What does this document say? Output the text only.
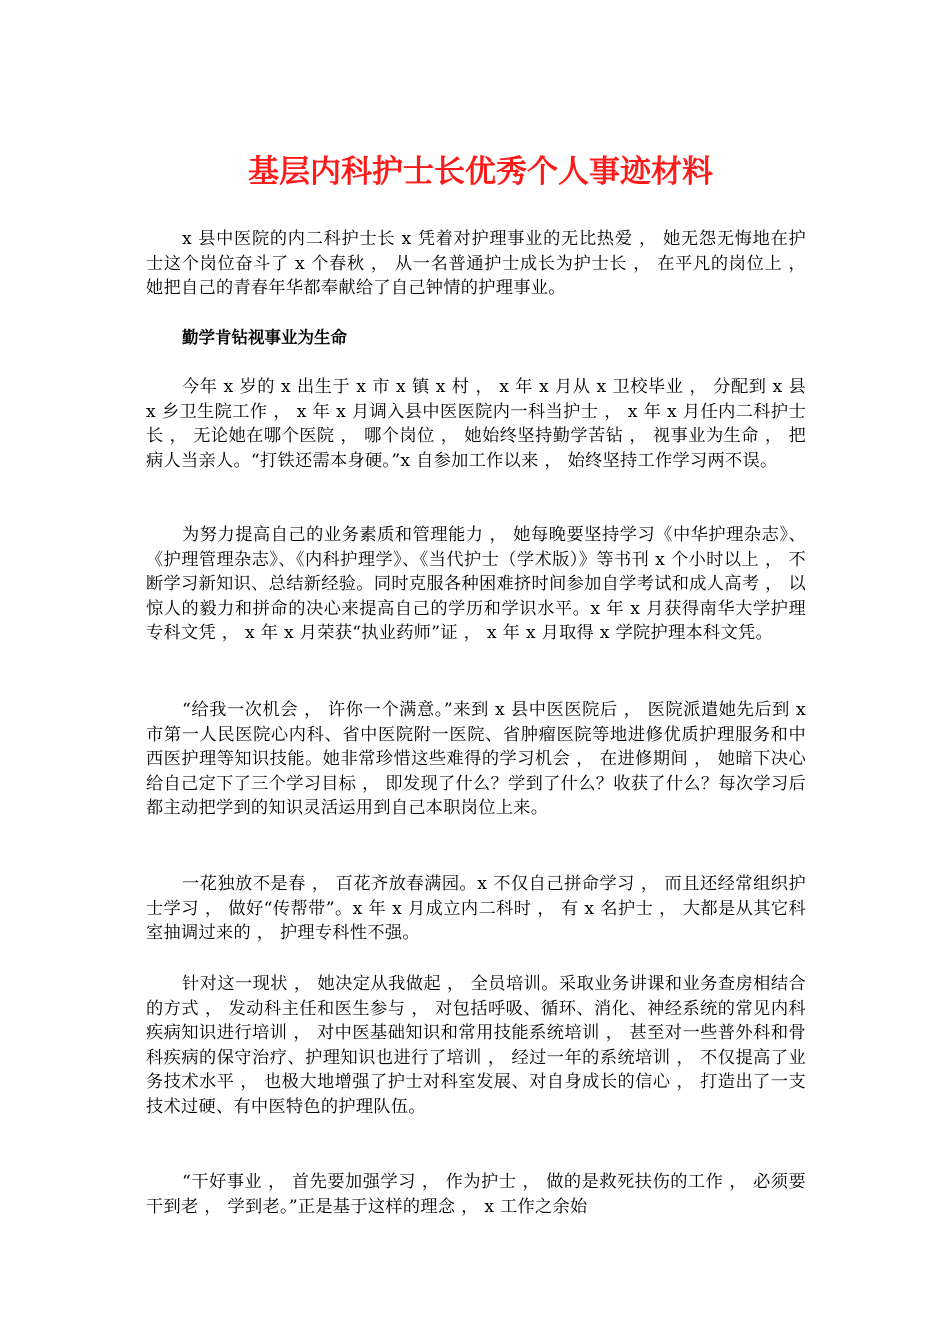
基层内科护士长优秀个人事迹材料

x 县中医院的内二科护士长 x 凭着对护理事业的无比热爱 ， 她无怨无悔地在护士这个岗位奋斗了 x 个春秋 ， 从一名普通护士成长为护士长 ， 在平凡的岗位上 ， 她把自己的青春年华都奉献给了自己钟情的护理事业。

勤学肯钻视事业为生命

今年 x 岁的 x 出生于 x 市 x 镇 x 村 ， x 年 x 月从 x 卫校毕业 ， 分配到 x 县 x 乡卫生院工作 ， x 年 x 月调入县中医医院内一科当护士 ， x 年 x 月任内二科护士长 ， 无论她在哪个医院 ， 哪个岗位 ， 她始终坚持勤学苦钻 ， 视事业为生命 ， 把病人当亲人。“打铁还需本身硬。”x 自参加工作以来 ， 始终坚持工作学习两不误。

为努力提高自己的业务素质和管理能力 ， 她每晚要坚持学习《中华护理杂志》、《护理管理杂志》、《内科护理学》、《当代护士（学术版）》等书刊 x 个小时以上 ， 不断学习新知识、总结新经验。同时克服各种困难挤时间参加自学考试和成人高考 ， 以惊人的毅力和拼命的决心来提高自己的学历和学识水平。x 年 x 月获得南华大学护理专科文凭 ， x 年 x 月荣获“执业药师”证 ， x 年 x 月取得 x 学院护理本科文凭。

“给我一次机会 ， 许你一个满意。”来到 x 县中医医院后 ， 医院派遣她先后到 x 市第一人民医院心内科、省中医院附一医院、省肿瘤医院等地进修优质护理服务和中西医护理等知识技能。她非常珍惜这些难得的学习机会 ， 在进修期间 ， 她暗下决心给自己定下了三个学习目标 ， 即发现了什么？学到了什么？收获了什么？每次学习后都主动把学到的知识灵活运用到自己本职岗位上来。

一花独放不是春 ， 百花齐放春满园。x 不仅自己拼命学习 ， 而且还经常组织护士学习 ， 做好“传帮带”。x 年 x 月成立内二科时 ， 有 x 名护士 ， 大都是从其它科室抽调过来的 ， 护理专科性不强。

针对这一现状 ， 她决定从我做起 ， 全员培训。采取业务讲课和业务查房相结合的方式 ， 发动科主任和医生参与 ， 对包括呼吸、循环、消化、神经系统的常见内科疾病知识进行培训 ， 对中医基础知识和常用技能系统培训 ， 甚至对一些普外科和骨科疾病的保守治疗、护理知识也进行了培训 ， 经过一年的系统培训 ， 不仅提高了业务技术水平 ， 也极大地增强了护士对科室发展、对自身成长的信心 ， 打造出了一支技术过硬、有中医特色的护理队伍。

“干好事业 ， 首先要加强学习 ， 作为护士 ， 做的是救死扶伤的工作 ， 必须要干到老 ， 学到老。”正是基于这样的理念 ， x 工作之余始
